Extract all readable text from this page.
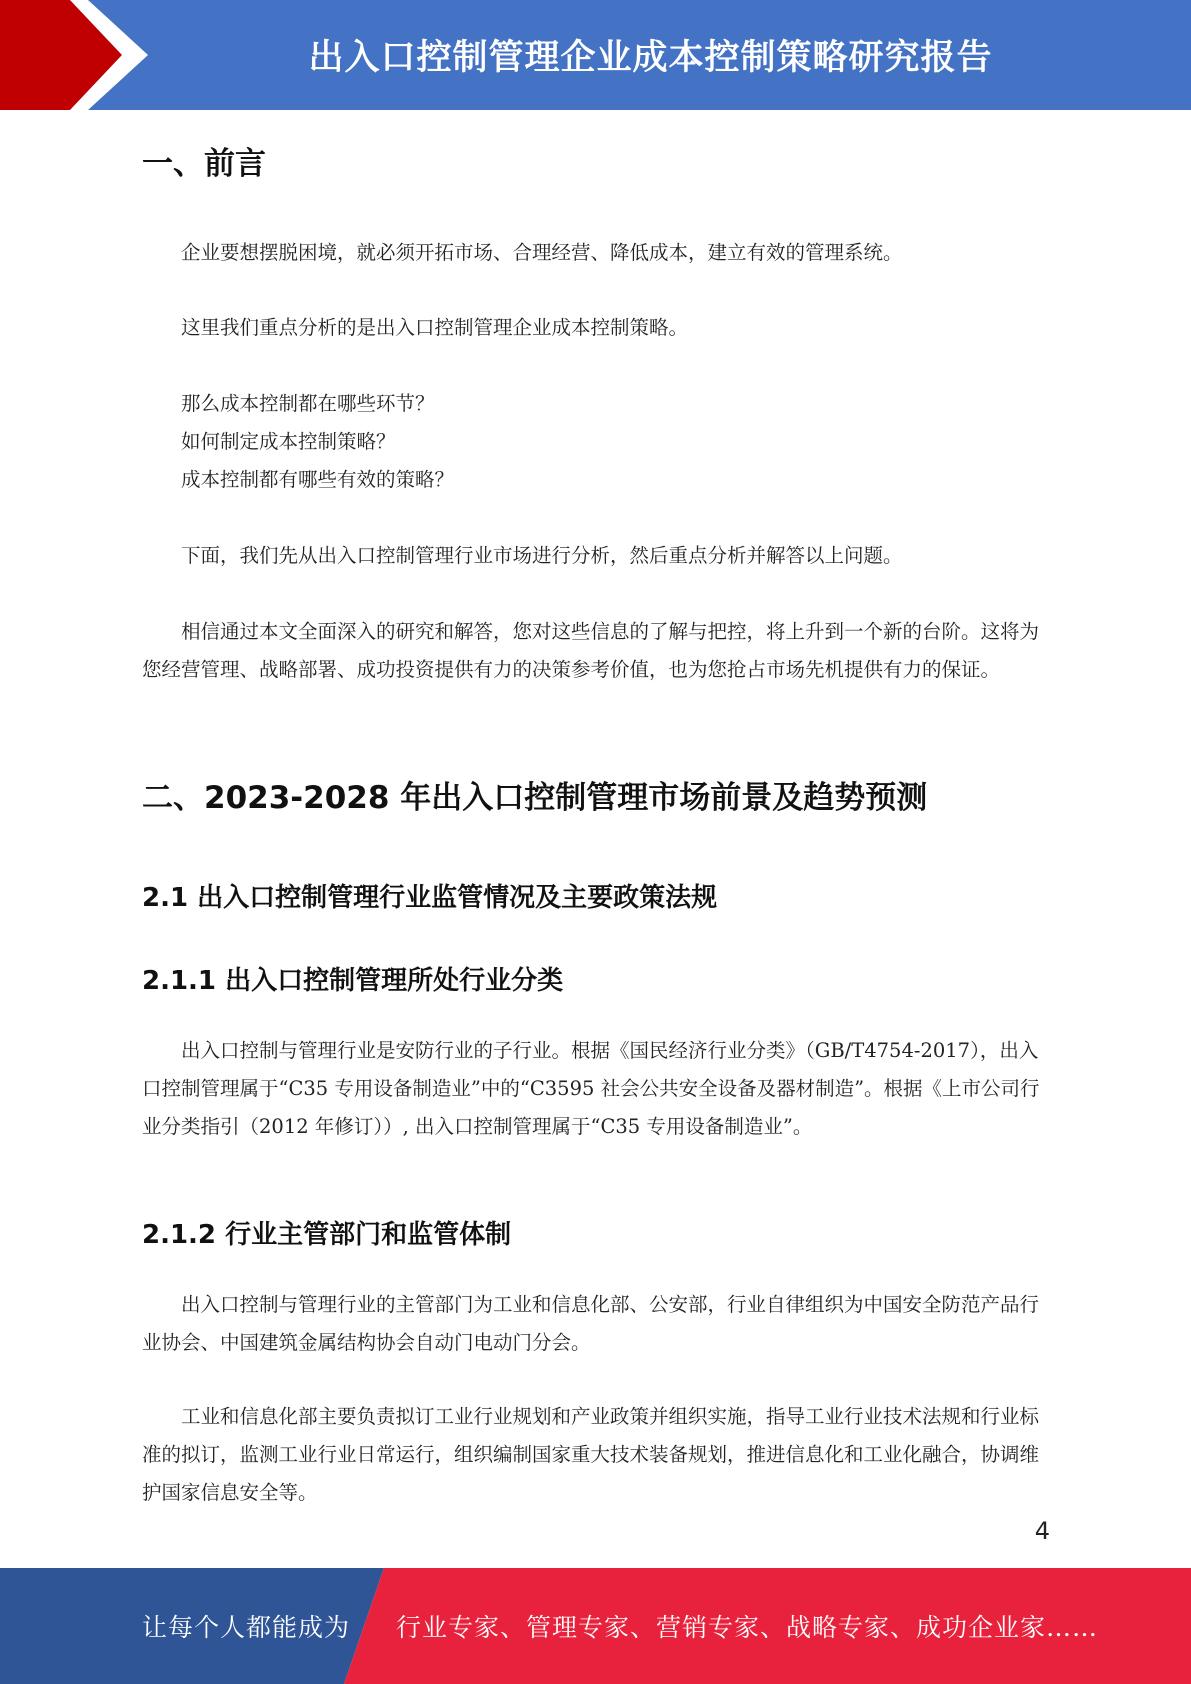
出入口控制管理企业成本控制策略研究报告
一、前言

企业要想摆脱困境，就必须开拓市场、合理经营、降低成本，建立有效的管理系统。

这里我们重点分析的是出入口控制管理企业成本控制策略。

那么成本控制都在哪些环节？

如何制定成本控制策略？

成本控制都有哪些有效的策略？

下面，我们先从出入口控制管理行业市场进行分析，然后重点分析并解答以上问题。

相信通过本文全面深入的研究和解答，您对这些信息的了解与把控，将上升到一个新的台阶。这将为您经营管理、战略部署、成功投资提供有力的决策参考价值，也为您抢占市场先机提供有力的保证。

二、2023-2028 年出入口控制管理市场前景及趋势预测
2.1 出入口控制管理行业监管情况及主要政策法规
2.1.1 出入口控制管理所处行业分类

出入口控制与管理行业是安防行业的子行业。根据《国民经济行业分类》（GB/T4754-2017），出入口控制管理属于“C35 专用设备制造业”中的“C3595 社会公共安全设备及器材制造”。根据《上市公司行业分类指引（2012 年修订））, 出入口控制管理属于“C35 专用设备制造业”。

2.1.2 行业主管部门和监管体制

出入口控制与管理行业的主管部门为工业和信息化部、公安部，行业自律组织为中国安全防范产品行业协会、中国建筑金属结构协会自动门电动门分会。

工业和信息化部主要负责拟订工业行业规划和产业政策并组织实施，指导工业行业技术法规和行业标准的拟订，监测工业行业日常运行，组织编制国家重大技术装备规划，推进信息化和工业化融合，协调维护国家信息安全等。

4
让每个人都能成为 行业专家、管理专家、营销专家、战略专家、成功企业家……
